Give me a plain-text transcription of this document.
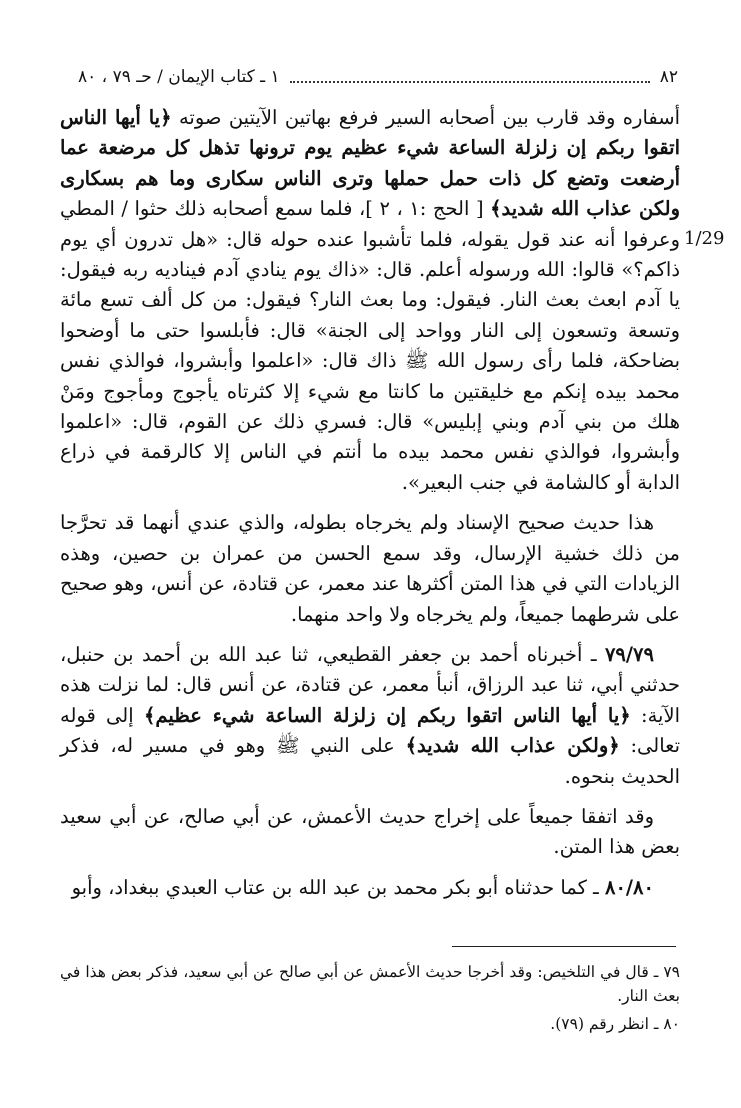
٨٢
١ ـ كتاب الإيمان / حـ ٧٩ ، ٨٠
1/29

أسفاره وقد قارب بين أصحابه السير فرفع بهاتين الآيتين صوته ﴿يا أيها الناس اتقوا ربكم إن زلزلة الساعة شيء عظيم يوم ترونها تذهل كل مرضعة عما أرضعت وتضع كل ذات حمل حملها وترى الناس سكارى وما هم بسكارى ولكن عذاب الله شديد﴾ [ الحج :١ ، ٢ ]، فلما سمع أصحابه ذلك حثوا / المطي وعرفوا أنه عند قول يقوله، فلما تأشبوا عنده حوله قال: «هل تدرون أي يوم ذاكم؟» قالوا: الله ورسوله أعلم. قال: «ذاك يوم ينادي آدم فيناديه ربه فيقول: يا آدم ابعث بعث النار. فيقول: وما بعث النار؟ فيقول: من كل ألف تسع مائة وتسعة وتسعون إلى النار وواحد إلى الجنة» قال: فأبلسوا حتى ما أوضحوا بضاحكة، فلما رأى رسول الله ﷺ ذاك قال: «اعلموا وأبشروا، فوالذي نفس محمد بيده إنكم مع خليقتين ما كانتا مع شيء إلا كثرتاه يأجوج ومأجوج ومَنْ هلك من بني آدم وبني إبليس» قال: فسري ذلك عن القوم، قال: «اعلموا وأبشروا، فوالذي نفس محمد بيده ما أنتم في الناس إلا كالرقمة في ذراع الدابة أو كالشامة في جنب البعير».

هذا حديث صحيح الإسناد ولم يخرجاه بطوله، والذي عندي أنهما قد تحرَّجا من ذلك خشية الإرسال، وقد سمع الحسن من عمران بن حصين، وهذه الزيادات التي في هذا المتن أكثرها عند معمر، عن قتادة، عن أنس، وهو صحيح على شرطهما جميعاً، ولم يخرجاه ولا واحد منهما.

٧٩/٧٩ ـ أخبرناه أحمد بن جعفر القطيعي، ثنا عبد الله بن أحمد بن حنبل، حدثني أبي، ثنا عبد الرزاق، أنبأ معمر، عن قتادة، عن أنس قال: لما نزلت هذه الآية: ﴿يا أيها الناس اتقوا ربكم إن زلزلة الساعة شيء عظيم﴾ إلى قوله تعالى: ﴿ولكن عذاب الله شديد﴾ على النبي ﷺ وهو في مسير له، فذكر الحديث بنحوه.

وقد اتفقا جميعاً على إخراج حديث الأعمش، عن أبي صالح، عن أبي سعيد بعض هذا المتن.

٨٠/٨٠ ـ كما حدثناه أبو بكر محمد بن عبد الله بن عتاب العبدي ببغداد، وأبو

٧٩ ـ قال في التلخيص: وقد أخرجا حديث الأعمش عن أبي صالح عن أبي سعيد، فذكر بعض هذا في بعث النار.

٨٠ ـ انظر رقم (٧٩).
